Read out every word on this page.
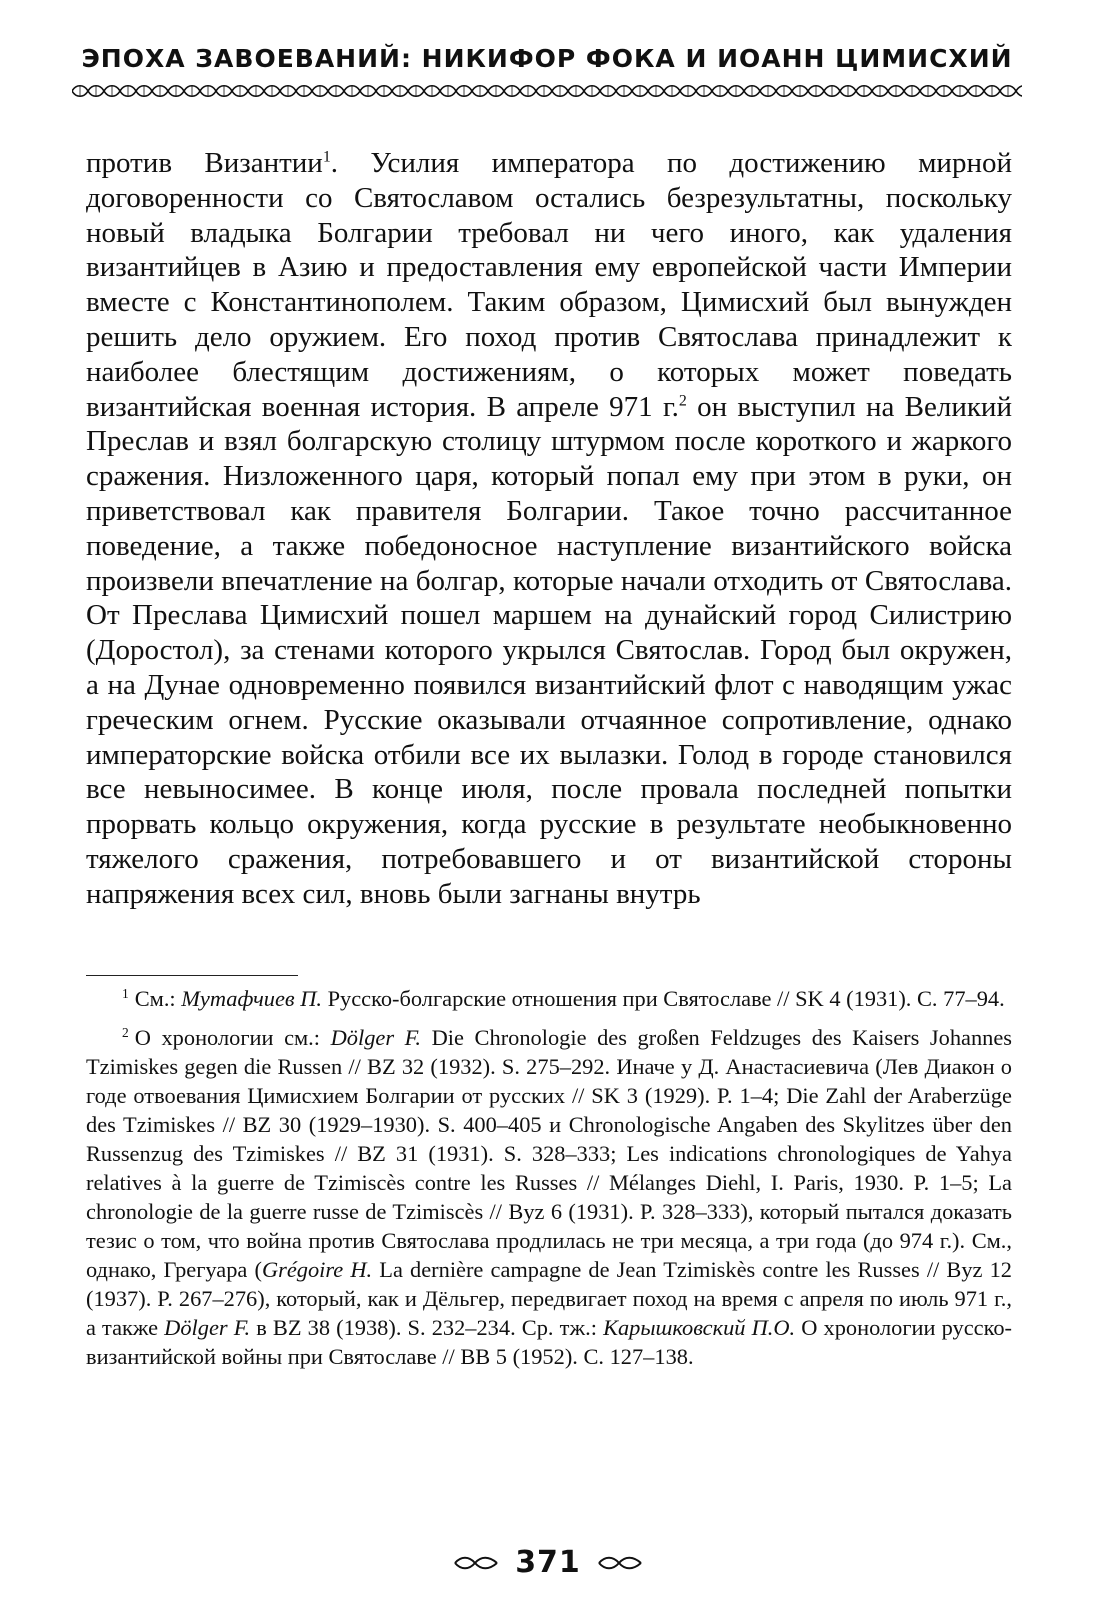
ЭПОХА ЗАВОЕВАНИЙ: НИКИФОР ФОКА И ИОАНН ЦИМИСХИЙ

против Византии$^1$. Усилия императора по достижению мирной договоренности со Святославом остались безрезультатны, поскольку новый владыка Болгарии требовал ни чего иного, как удаления византийцев в Азию и предоставления ему европейской части Империи вместе с Константинополем. Таким образом, Цимисхий был вынужден решить дело оружием. Его поход против Святослава принадлежит к наиболее блестящим достижениям, о которых может поведать византийская военная история. В апреле 971 г.$^2$ он выступил на Великий Преслав и взял болгарскую столицу штурмом после короткого и жаркого сражения. Низложенного царя, который попал ему при этом в руки, он приветствовал как правителя Болгарии. Такое точно рассчитанное поведение, а также победоносное наступление византийского войска произвели впечатление на болгар, которые начали отходить от Святослава. От Преслава Цимисхий пошел маршем на дунайский город Силистрию (Доростол), за стенами которого укрылся Святослав. Город был окружен, а на Дунае одновременно появился византийский флот с наводящим ужас греческим огнем. Русские оказывали отчаянное сопротивление, однако императорские войска отбили все их вылазки. Голод в городе становился все невыносимее. В конце июля, после провала последней попытки прорвать кольцо окружения, когда русские в результате необыкновенно тяжелого сражения, потребовавшего и от византийской стороны напряжения всех сил, вновь были загнаны внутрь

$^1$ См.: Мутафчиев П. Русско-болгарские отношения при Святославе // SK 4 (1931). С. 77–94.

$^2$ О хронологии см.: Dölger F. Die Chronologie des großen Feldzuges des Kaisers Johannes Tzimiskes gegen die Russen // BZ 32 (1932). S. 275–292. Иначе у Д. Анастасиевича (Лев Диакон о годе отвоевания Цимисхием Болгарии от русских // SK 3 (1929). P. 1–4; Die Zahl der Araberzüge des Tzimiskes // BZ 30 (1929–1930). S. 400–405 и Chronologische Angaben des Skylitzes über den Russenzug des Tzimiskes // BZ 31 (1931). S. 328–333; Les indications chronologiques de Yahya relatives à la guerre de Tzimiscès contre les Russes // Mélanges Diehl, I. Paris, 1930. P. 1–5; La chronologie de la guerre russe de Tzimiscès // Byz 6 (1931). P. 328–333), который пытался доказать тезис о том, что война против Святослава продлилась не три месяца, а три года (до 974 г.). См., однако, Грегуара (Grégoire H. La dernière campagne de Jean Tzimiskès contre les Russes // Byz 12 (1937). P. 267–276), который, как и Дёльгер, передвигает поход на время с апреля по июль 971 г., а также Dölger F. в BZ 38 (1938). S. 232–234. Ср. тж.: Карышковский П.О. О хронологии русско-византийской войны при Святославе // ВВ 5 (1952). С. 127–138.

371
